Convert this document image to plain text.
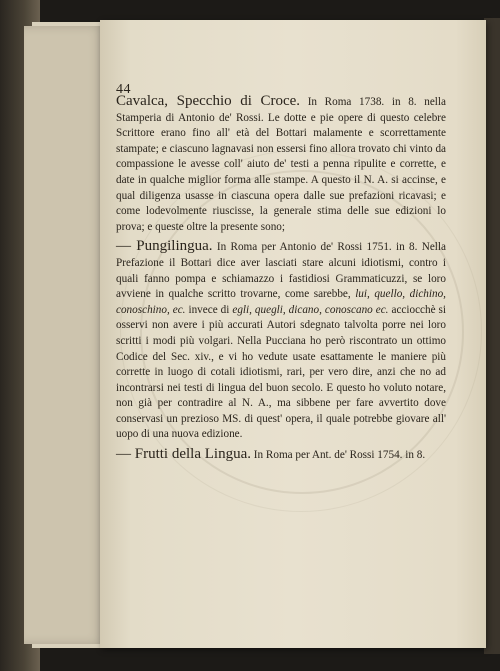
44

Cavalca, Specchio di Croce. In Roma 1738. in 8. nella Stamperia di Antonio de' Rossi. Le dotte e pie opere di questo celebre Scrittore erano fino all' età del Bottari malamente e scorrettamente stampate; e ciascuno lagnavasi non essersi fino allora trovato chi vinto da compassione le avesse coll' aiuto de' testi a penna ripulite e corrette, e date in qualche miglior forma alle stampe. A questo il N. A. si accinse, e qual diligenza usasse in ciascuna opera dalle sue prefazioni ricavasi; e come lodevolmente riuscisse, la generale stima delle sue edizioni lo prova; e queste oltre la presente sono;

— Pungilingua. In Roma per Antonio de' Rossi 1751. in 8. Nella Prefazione il Bottari dice aver lasciati stare alcuni idiotismi, contro i quali fanno pompa e schiamazzo i fastidiosi Grammaticuzzi, se loro avviene in qualche scritto trovarne, come sarebbe, lui, quello, dichino, conoschino, ec. invece di egli, quegli, dicano, conoscano ec. acciocchè si osservi non avere i più accurati Autori sdegnato talvolta porre nei loro scritti i modi più volgari. Nella Pucciana ho però riscontrato un ottimo Codice del Sec. xiv., e vi ho vedute usate esattamente le maniere più corrette in luogo di cotali idiotismi, rari, per vero dire, anzi che no ad incontrarsi nei testi di lingua del buon secolo. E questo ho voluto notare, non già per contradire al N. A., ma sibbene per fare avvertito dove conservasi un prezioso MS. di quest' opera, il quale potrebbe giovare all' uopo di una nuova edizione.

— Frutti della Lingua. In Roma per Ant. de' Rossi 1754. in 8.
